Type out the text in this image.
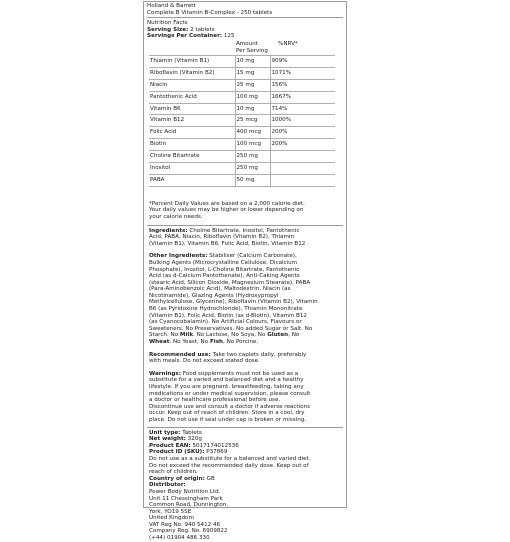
Holland & Barrett
Complete B Vitamin B-Complex - 250 tablets
Nutrition Facts
Serving Size: 2 tablets
Servings Per Container: 125

	Amount
Per Serving	%NRV*
Thiamin (Vitamin B1)	10 mg	909%
Riboflavin (Vitamin B2)	15 mg	1071%
Niacin	25 mg	156%
Pantothenic Acid	100 mg	1667%
Vitamin B6	10 mg	714%
Vitamin B12	25 mcg	1000%
Folic Acid	400 mcg	200%
Biotin	100 mcg	200%
Choline Bitartrate	250 mg	
Inositol	250 mg	
PABA	50 mg	

*Percent Daily Values are based on a 2,000 calorie diet.

Your daily values may be higher or lower depending on

your calorie needs.

Ingredients: Choline Bitartrate, Inositol, Pantothenic

Acid, PABA, Niacin, Riboflavin (Vitamin B2), Thiamin

(Vitamin B1), Vitamin B6, Folic Acid, Biotin, Vitamin B12

Other Ingredients: Stabiliser (Calcium Carbonate),

Bulking Agents (Microcrystalline Cellulose, Dicalcium

Phosphate), Inositol, L-Choline Bitartrate, Pantothenic

Acid (as d-Calcium Pantothenate), Anti-Caking Agents

(stearic Acid, Silicon Dioxide, Magnesium Stearate), PABA

(Para-Aminobenzoic Acid), Maltodextrin, Niacin (as

Nicotinamide), Glazing Agents (Hydroxypropyl

Methylcellulose, Glycerine), Riboflavin (Vitamin B2), Vitamin

B6 (as Pyridoxine Hydrochloride), Thiamin Mononitrate

(Vitamin B1), Folic Acid, Biotin (as d-Biotin), Vitamin B12

(as Cyanocobalamin). No Artificial Colours, Flavours or

Sweeteners, No Preservatives. No added Sugar or Salt. No

Starch. No Milk. No Lactose, No Soya, No Gluten, No

Wheat. No Yeast, No Fish, No Porcine.

Recommended use: Take two caplets daily, preferably

with meals. Do not exceed stated dose.

Warnings: Food supplements must not be used as a

substitute for a varied and balanced diet and a healthy

lifestyle. If you are pregnant, breastfeeding, taking any

medications or under medical supervision, please consult

a doctor or healthcare professional before use.

Discontinue use and consult a doctor if adverse reactions

occur. Keep out of reach of children. Store in a cool, dry

place. Do not use if seal under cap is broken or missing.

Unit type: Tablets

Net weight: 320g

Product EAN: 5017174012536

Product ID (SKU): P37869

Do not use as a substitute for a balanced and varied diet.

Do not exceed the recommended daily dose. Keep out of

reach of children.

Country of origin: GB

Distributor:

Power Body Nutrition Ltd.

Unit 11 Chessingham Park

Common Road, Dunnington,

York, YO19 5SE

United Kingdom

VAT Reg No. 940 5412 46

Company Reg. No. 6909822

(+44) 01904 486 330
